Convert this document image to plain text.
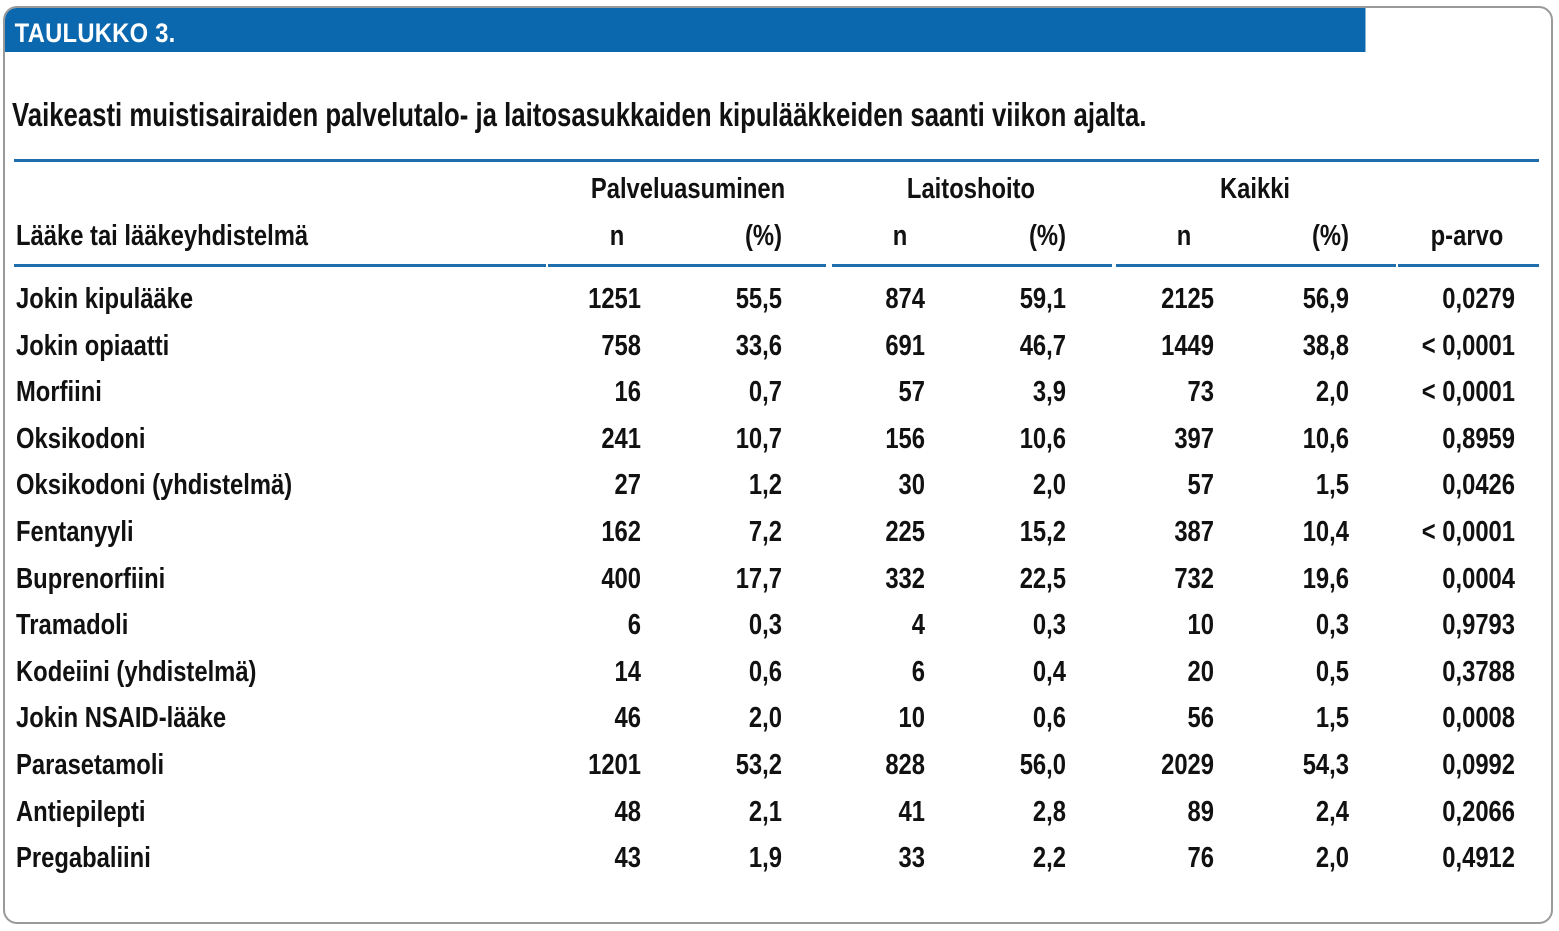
TAULUKKO 3.
Vaikeasti muistisairaiden palvelutalo- ja laitosasukkaiden kipulääkkeiden saanti viikon ajalta.
Palveluasuminen	Laitoshoito	Kaikki
Lääke tai lääkeyhdistelmä	n	(%)	n	(%)	n	(%)	p-arvo
Jokin kipulääke	1251	55,5	874	59,1	2125	56,9	0,0279
Jokin opiaatti	758	33,6	691	46,7	1449	38,8	< 0,0001
Morfiini	16	0,7	57	3,9	73	2,0	< 0,0001
Oksikodoni	241	10,7	156	10,6	397	10,6	0,8959
Oksikodoni (yhdistelmä)	27	1,2	30	2,0	57	1,5	0,0426
Fentanyyli	162	7,2	225	15,2	387	10,4	< 0,0001
Buprenorfiini	400	17,7	332	22,5	732	19,6	0,0004
Tramadoli	6	0,3	4	0,3	10	0,3	0,9793
Kodeiini (yhdistelmä)	14	0,6	6	0,4	20	0,5	0,3788
Jokin NSAID-lääke	46	2,0	10	0,6	56	1,5	0,0008
Parasetamoli	1201	53,2	828	56,0	2029	54,3	0,0992
Antiepilepti	48	2,1	41	2,8	89	2,4	0,2066
Pregabaliini	43	1,9	33	2,2	76	2,0	0,4912
